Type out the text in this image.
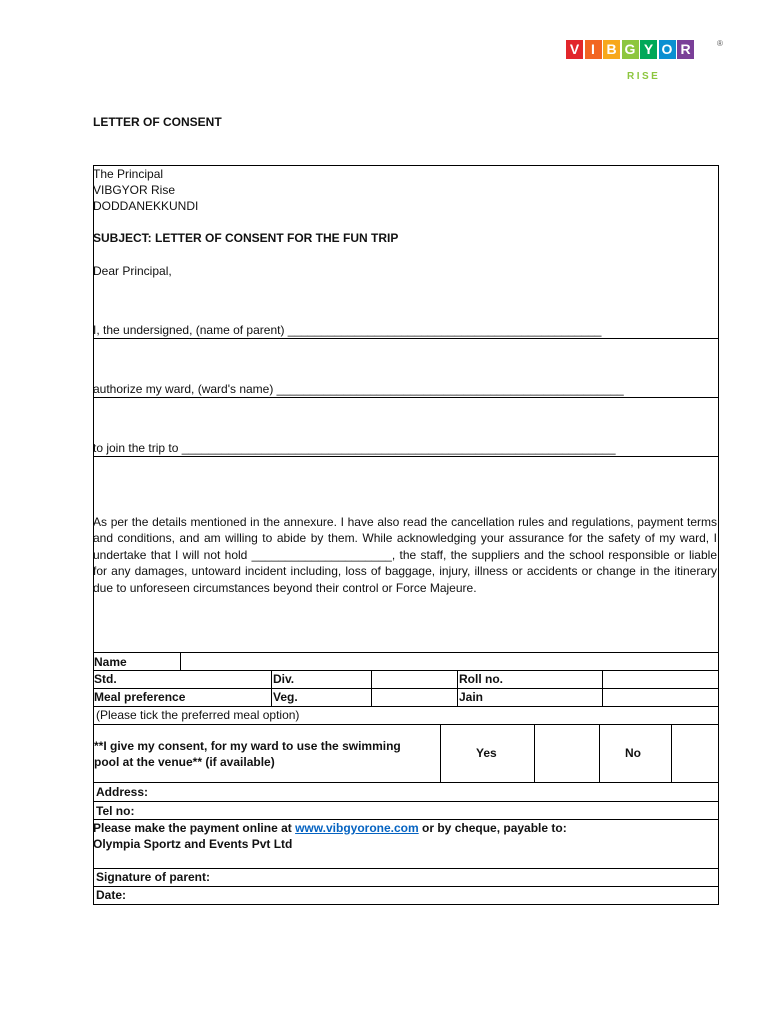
V I B G Y O R	®
RISE
LETTER OF CONSENT
The Principal
VIBGYOR Rise
DODDANEKKUNDI
SUBJECT: LETTER OF CONSENT FOR THE FUN TRIP
Dear Principal,
I, the undersigned, (name of parent) _______________________________________________
authorize my ward, (ward's name) ____________________________________________________
to join the trip to _________________________________________________________________
As per the details mentioned in the annexure. I have also read the cancellation rules and regulations, payment terms and conditions, and am willing to abide by them. While acknowledging your assurance for the safety of my ward, I undertake that I will not hold _____________________, the staff, the suppliers and the school responsible or liable for any damages, untoward incident including, loss of baggage, injury, illness or accidents or change in the itinerary due to unforeseen circumstances beyond their control or Force Majeure.
Name
Std.	Div.	Roll no.
Meal preference	Veg.	Jain
(Please tick the preferred meal option)
**I give my consent, for my ward to use the swimming
pool at the venue** (if available)
Yes	No
Address:
Tel no:
Please make the payment online at www.vibgyorone.com or by cheque, payable to:
Olympia Sportz and Events Pvt Ltd
Signature of parent:
Date:
